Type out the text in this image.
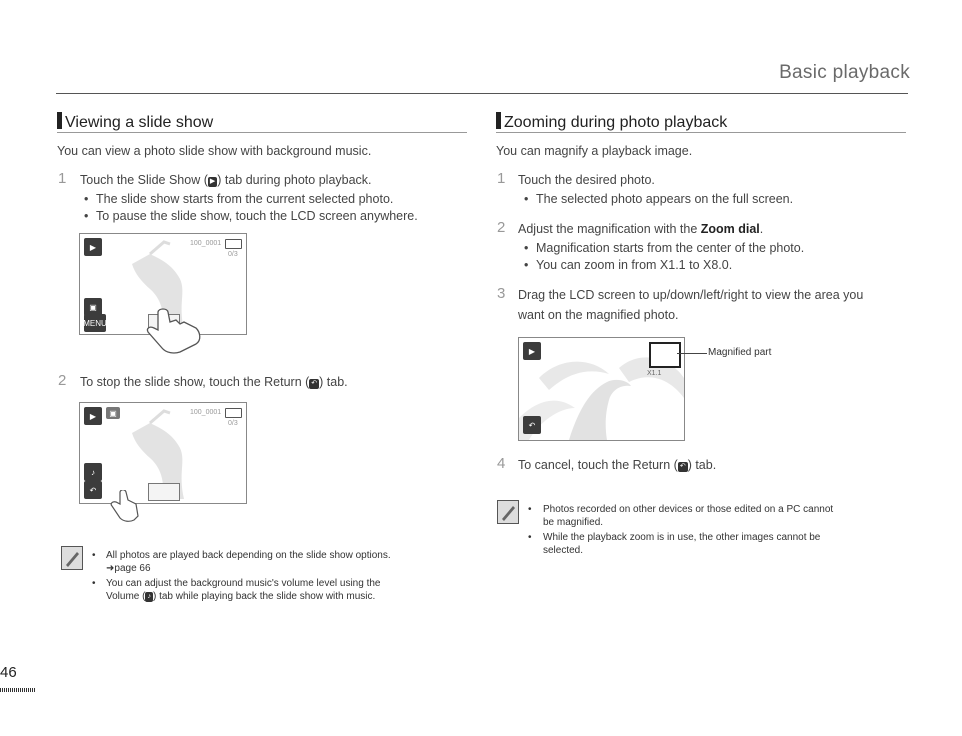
Basic playback
Viewing a slide show
You can view a photo slide show with background music.
1 Touch the Slide Show ( ▶ ) tab during photo playback.
• The slide show starts from the current selected photo.
• To pause the slide show, touch the LCD screen anywhere.
▶	100_0001
0/3
▣
MENU
2 To stop the slide show, touch the Return ( ↶ ) tab.
▶	▣	100_0001
0/3
♪
↶
• All photos are played back depending on the slide show options.
➜page 66
• You can adjust the background music's volume level using the
Volume ( ♪ ) tab while playing back the slide show with music.
Zooming during photo playback
You can magnify a playback image.
1 Touch the desired photo.
• The selected photo appears on the full screen.
2 Adjust the magnification with the Zoom dial.
• Magnification starts from the center of the photo.
• You can zoom in from X1.1 to X8.0.
3 Drag the LCD screen to up/down/left/right to view the area you
want on the magnified photo.
▶
X1.1
↶
Magnified part
4 To cancel, touch the Return ( ↶ ) tab.
• Photos recorded on other devices or those edited on a PC cannot
be magnified.
• While the playback zoom is in use, the other images cannot be
selected.
46
